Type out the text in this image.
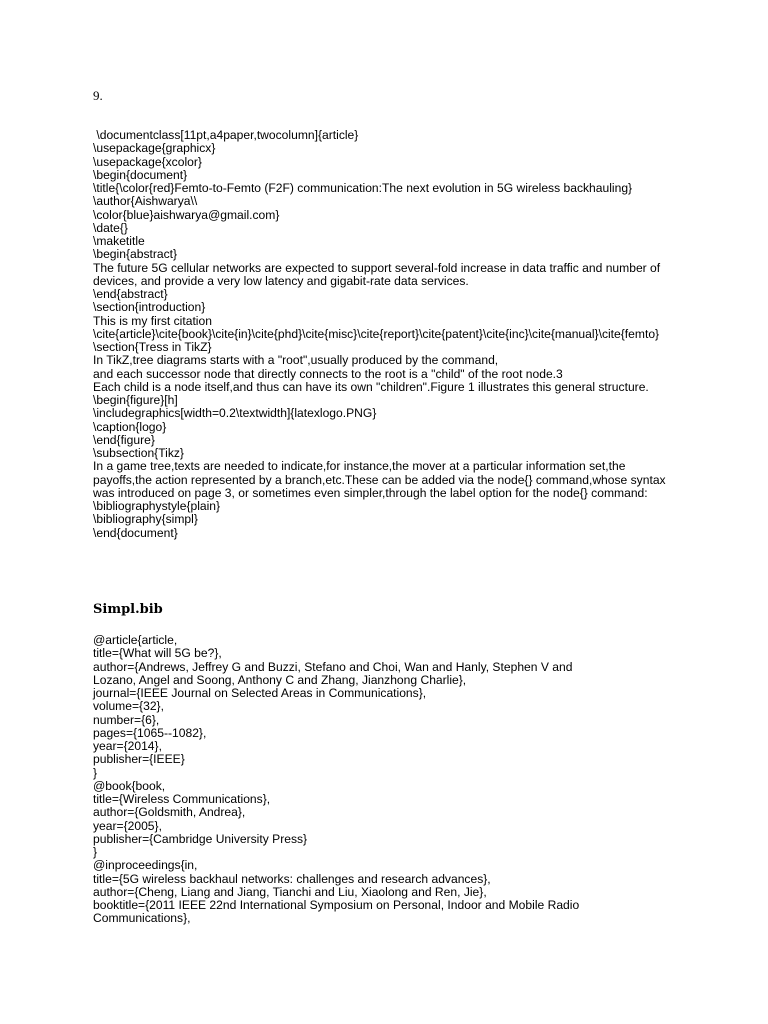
9.
\documentclass[11pt,a4paper,twocolumn]{article}
\usepackage{graphicx}
\usepackage{xcolor}
\begin{document}
\title{\color{red}Femto-to-Femto (F2F) communication:The next evolution in 5G wireless backhauling}
\author{Aishwarya\\
\color{blue}aishwarya@gmail.com}
\date{}
\maketitle
\begin{abstract}
The future 5G cellular networks are expected to support several-fold increase in data traffic and number of
devices, and provide a very low latency and gigabit-rate data services.
\end{abstract}
\section{introduction}
This is my first citation
\cite{article}\cite{book}\cite{in}\cite{phd}\cite{misc}\cite{report}\cite{patent}\cite{inc}\cite{manual}\cite{femto}
\section{Tress in TikZ}
In TikZ,tree diagrams starts with a "root",usually produced by the command,
and each successor node that directly connects to the root is a "child" of the root node.3
Each child is a node itself,and thus can have its own "children".Figure 1 illustrates this general structure.
\begin{figure}[h]
\includegraphics[width=0.2\textwidth]{latexlogo.PNG}
\caption{logo}
\end{figure}
\subsection{Tikz}
In a game tree,texts are needed to indicate,for instance,the mover at a particular information set,the
payoffs,the action represented by a branch,etc.These can be added via the node{} command,whose syntax
was introduced on page 3, or sometimes even simpler,through the label option for the node{} command:
\bibliographystyle{plain}
\bibliography{simpl}
\end{document}
Simpl.bib
@article{article,
title={What will 5G be?},
author={Andrews, Jeffrey G and Buzzi, Stefano and Choi, Wan and Hanly, Stephen V and
Lozano, Angel and Soong, Anthony C and Zhang, Jianzhong Charlie},
journal={IEEE Journal on Selected Areas in Communications},
volume={32},
number={6},
pages={1065--1082},
year={2014},
publisher={IEEE}
}
@book{book,
title={Wireless Communications},
author={Goldsmith, Andrea},
year={2005},
publisher={Cambridge University Press}
}
@inproceedings{in,
title={5G wireless backhaul networks: challenges and research advances},
author={Cheng, Liang and Jiang, Tianchi and Liu, Xiaolong and Ren, Jie},
booktitle={2011 IEEE 22nd International Symposium on Personal, Indoor and Mobile Radio
Communications},
